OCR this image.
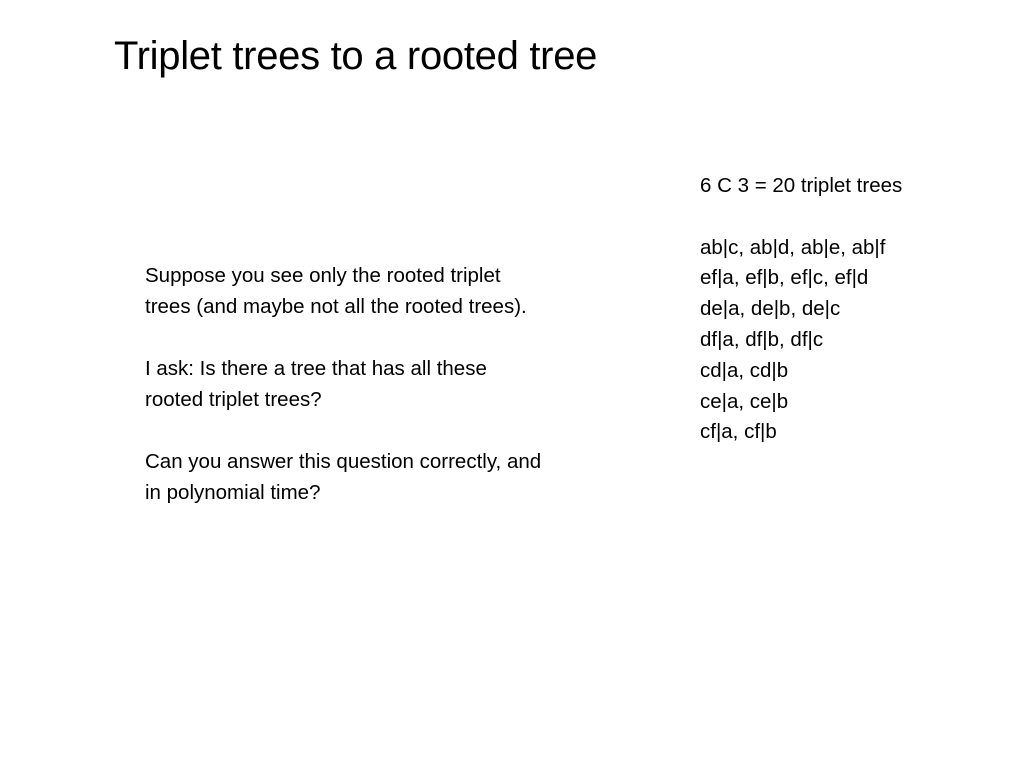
Triplet trees to a rooted tree

Suppose you see only the rooted triplet

trees (and maybe not all the rooted trees).

I ask: Is there a tree that has all these

rooted triplet trees?

Can you answer this question correctly, and

in polynomial time?

6 C 3 = 20 triplet trees

ab|c, ab|d, ab|e, ab|f

ef|a, ef|b, ef|c, ef|d

de|a, de|b, de|c

df|a, df|b, df|c

cd|a, cd|b

ce|a, ce|b

cf|a, cf|b
